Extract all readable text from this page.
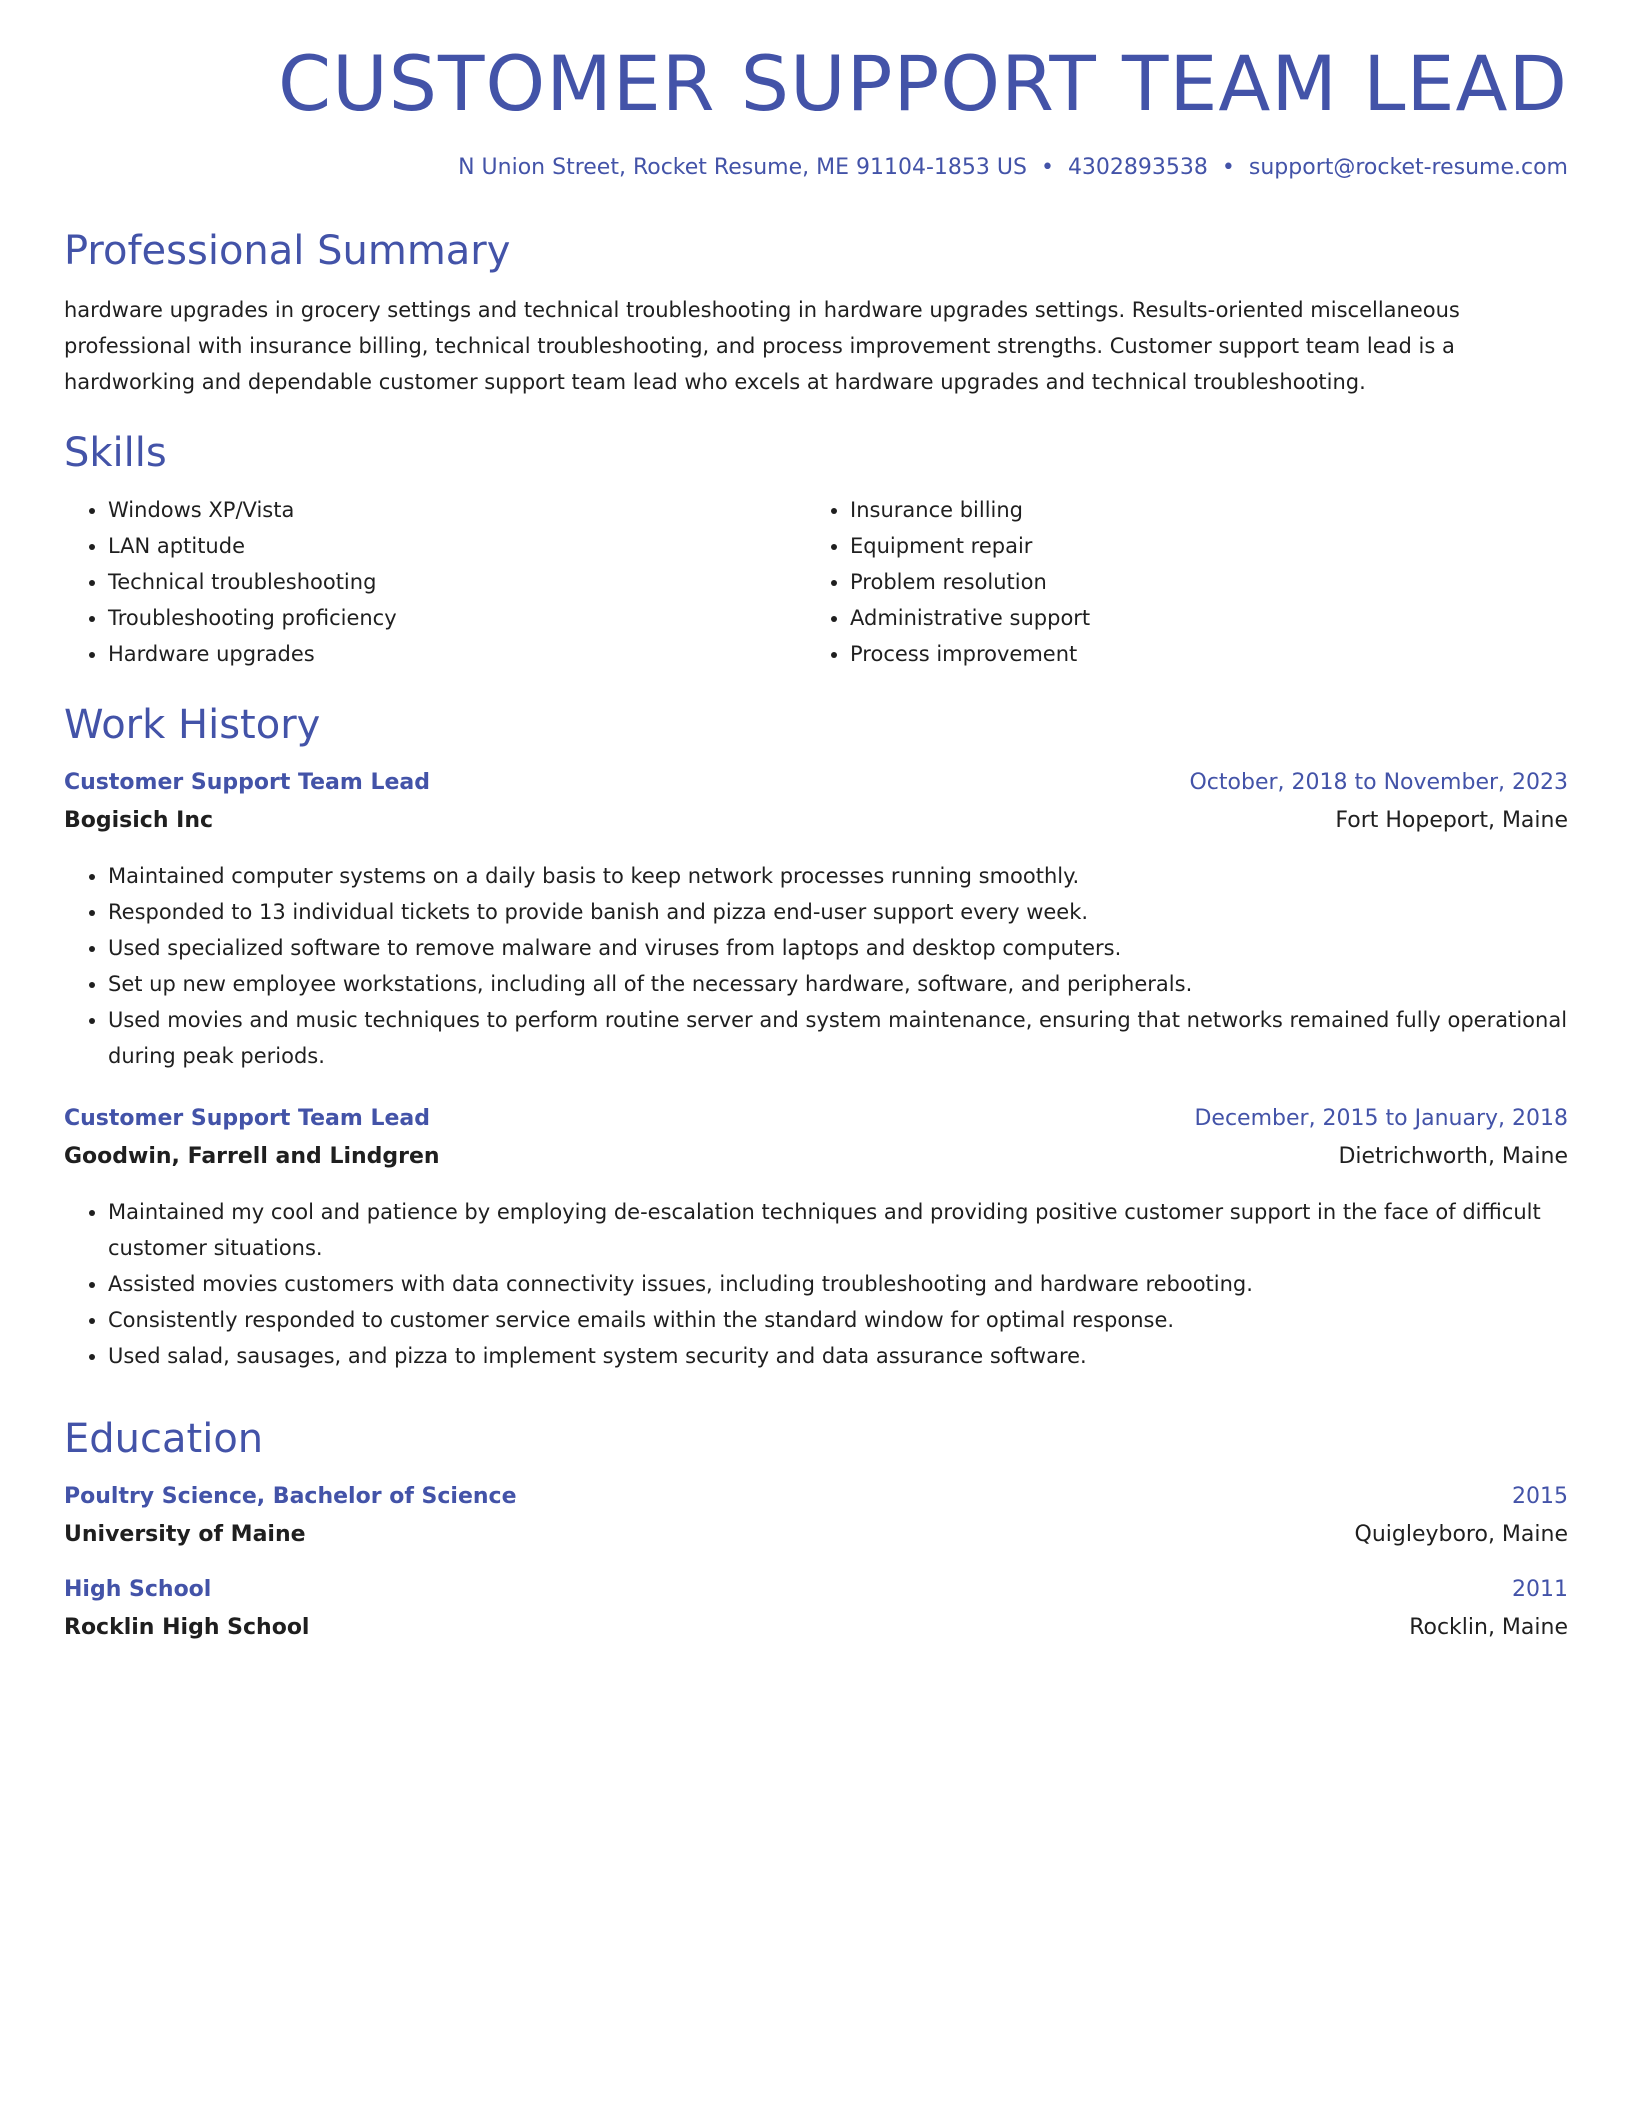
CUSTOMER SUPPORT TEAM LEAD
N Union Street, Rocket Resume, ME 91104-1853 US • 4302893538 • support@rocket-resume.com
Professional Summary

hardware upgrades in grocery settings and technical troubleshooting in hardware upgrades settings. Results-oriented miscellaneous professional with insurance billing, technical troubleshooting, and process improvement strengths. Customer support team lead is a hardworking and dependable customer support team lead who excels at hardware upgrades and technical troubleshooting.

Skills
• Windows XP/Vista
• LAN aptitude
• Technical troubleshooting
• Troubleshooting proficiency
• Hardware upgrades
• Insurance billing
• Equipment repair
• Problem resolution
• Administrative support
• Process improvement
Work History
Customer Support Team Lead	October, 2018 to November, 2023
Bogisich Inc	Fort Hopeport, Maine
• Maintained computer systems on a daily basis to keep network processes running smoothly.
• Responded to 13 individual tickets to provide banish and pizza end-user support every week.
• Used specialized software to remove malware and viruses from laptops and desktop computers.
• Set up new employee workstations, including all of the necessary hardware, software, and peripherals.
• Used movies and music techniques to perform routine server and system maintenance, ensuring that networks remained fully operational during peak periods.
Customer Support Team Lead	December, 2015 to January, 2018
Goodwin, Farrell and Lindgren	Dietrichworth, Maine
• Maintained my cool and patience by employing de-escalation techniques and providing positive customer support in the face of difficult customer situations.
• Assisted movies customers with data connectivity issues, including troubleshooting and hardware rebooting.
• Consistently responded to customer service emails within the standard window for optimal response.
• Used salad, sausages, and pizza to implement system security and data assurance software.
Education
Poultry Science, Bachelor of Science	2015
University of Maine	Quigleyboro, Maine
High School	2011
Rocklin High School	Rocklin, Maine
